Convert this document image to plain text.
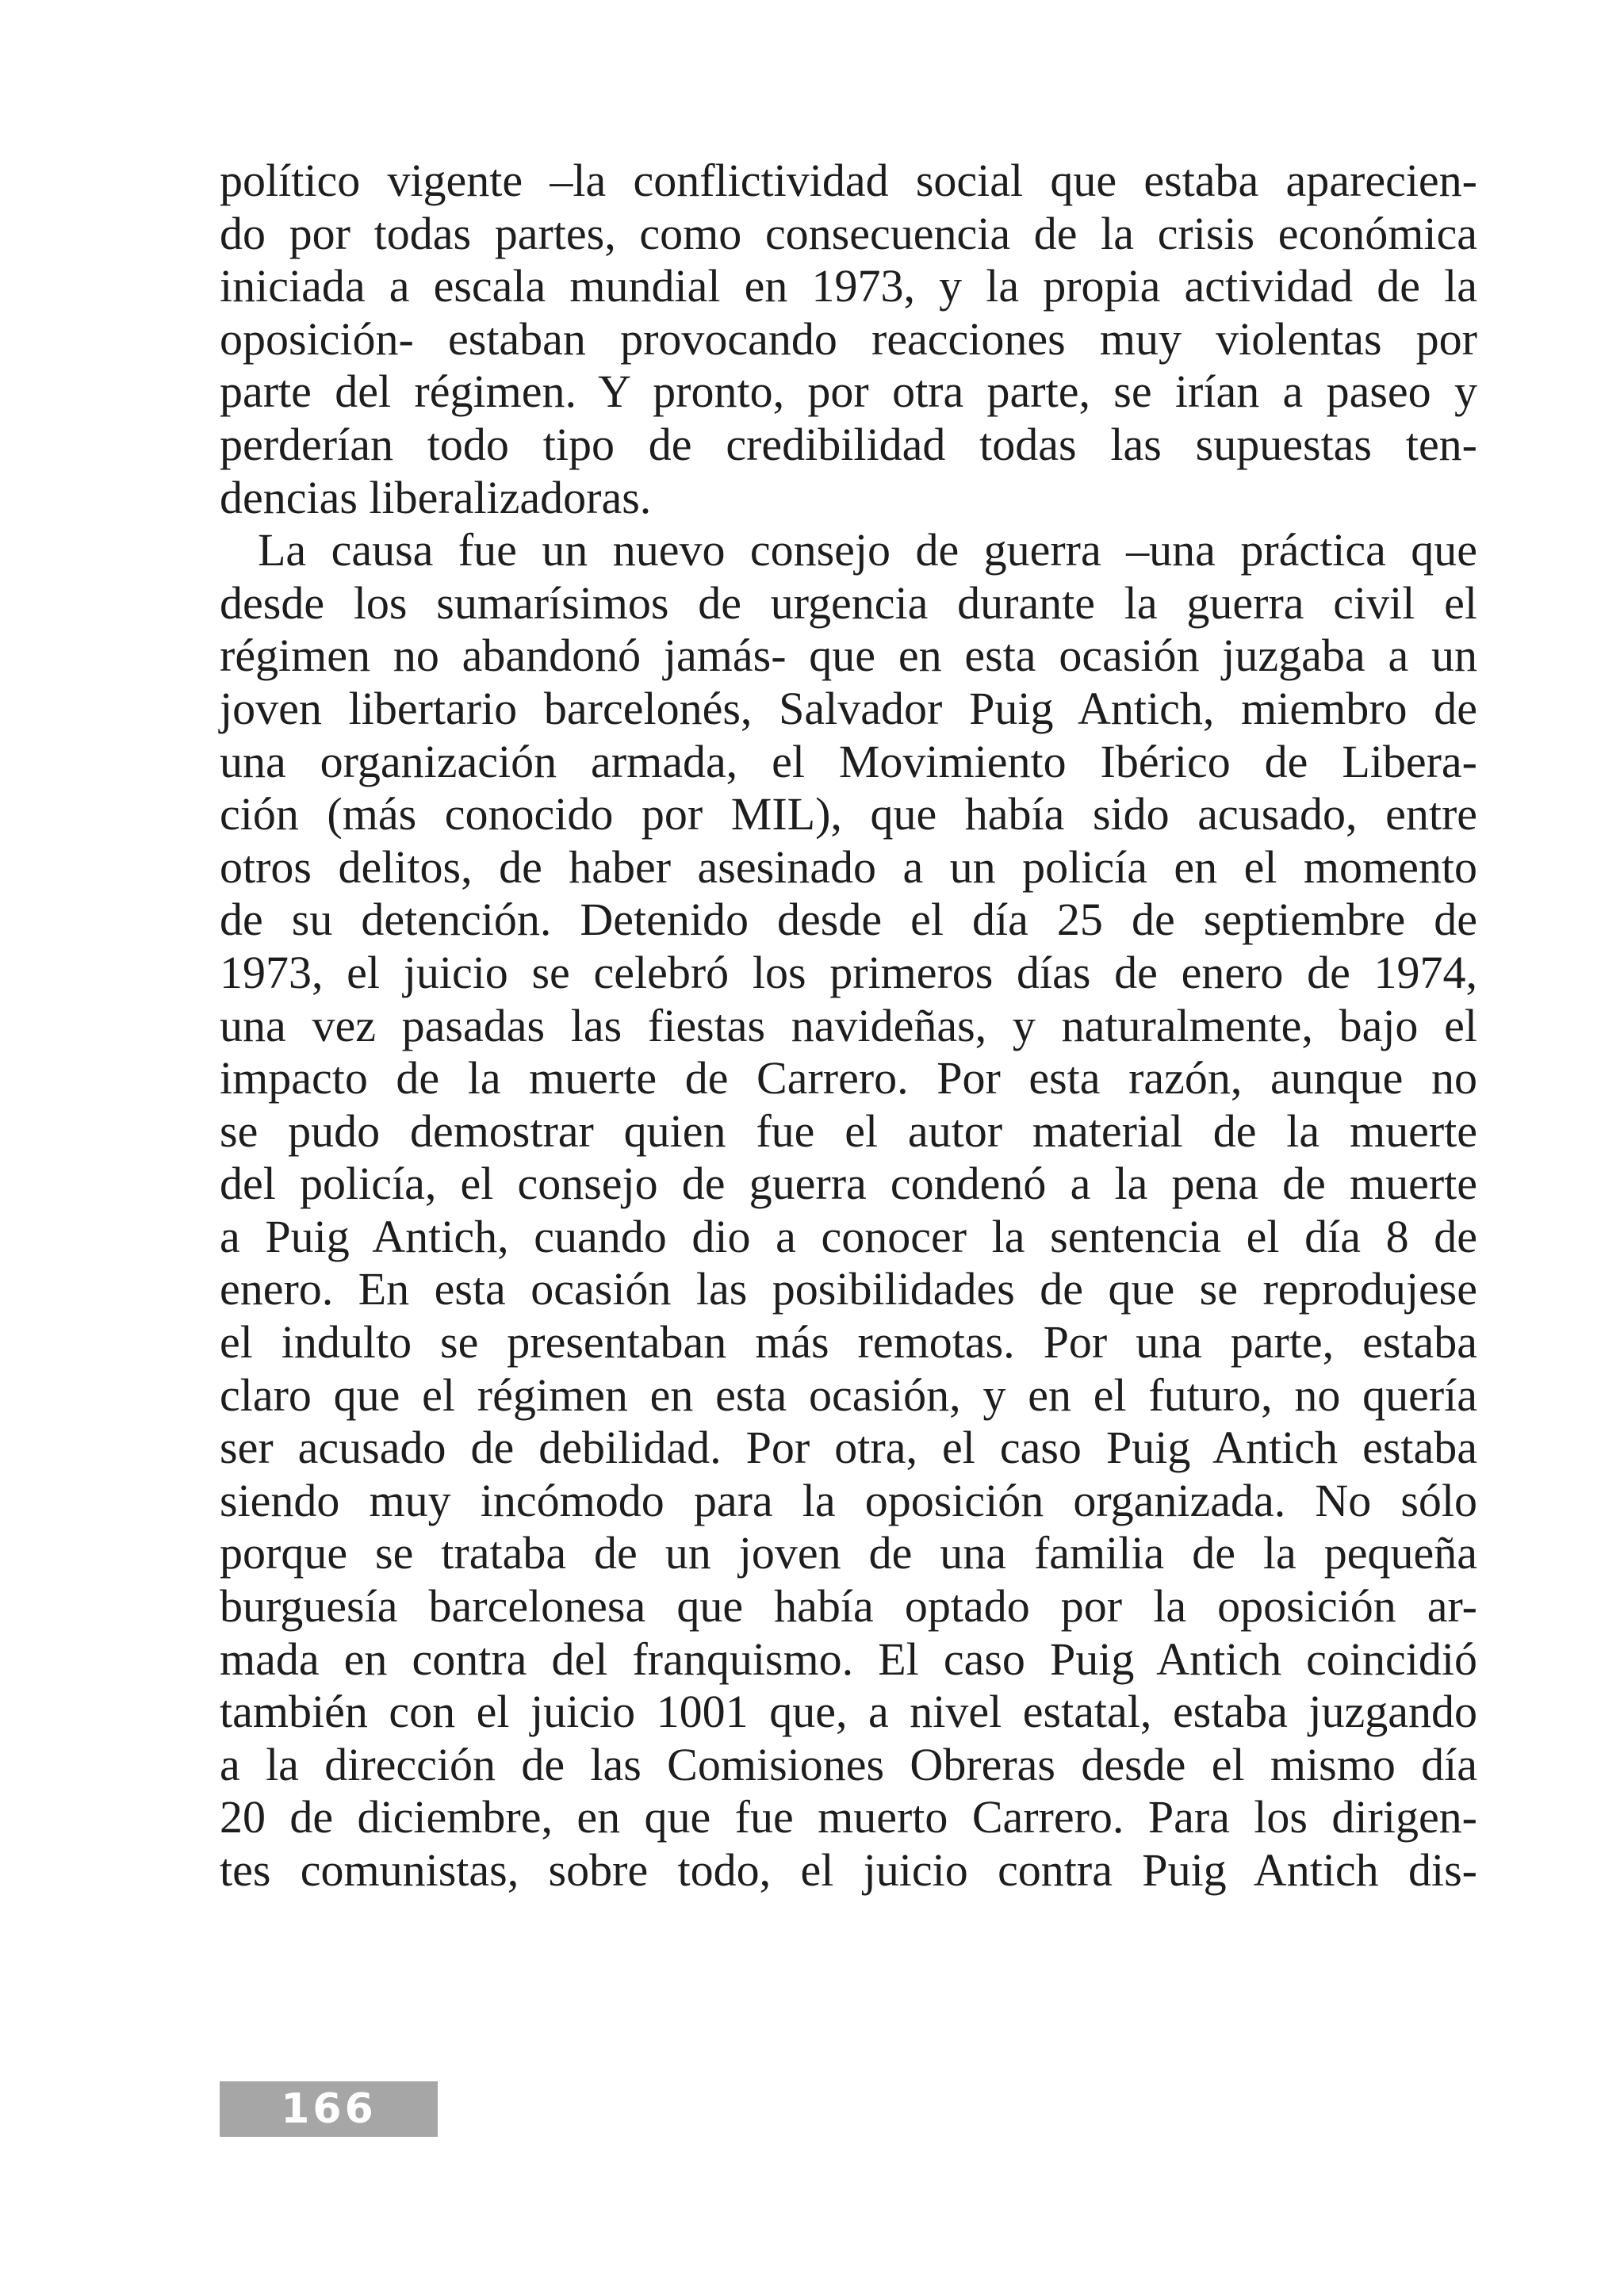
político vigente –la conflictividad social que estaba aparecien-
do por todas partes, como consecuencia de la crisis económica
iniciada a escala mundial en 1973, y la propia actividad de la
oposición- estaban provocando reacciones muy violentas por
parte del régimen. Y pronto, por otra parte, se irían a paseo y
perderían todo tipo de credibilidad todas las supuestas ten-
dencias liberalizadoras.
La causa fue un nuevo consejo de guerra –una práctica que
desde los sumarísimos de urgencia durante la guerra civil el
régimen no abandonó jamás- que en esta ocasión juzgaba a un
joven libertario barcelonés, Salvador Puig Antich, miembro de
una organización armada, el Movimiento Ibérico de Libera-
ción (más conocido por MIL), que había sido acusado, entre
otros delitos, de haber asesinado a un policía en el momento
de su detención. Detenido desde el día 25 de septiembre de
1973, el juicio se celebró los primeros días de enero de 1974,
una vez pasadas las fiestas navideñas, y naturalmente, bajo el
impacto de la muerte de Carrero. Por esta razón, aunque no
se pudo demostrar quien fue el autor material de la muerte
del policía, el consejo de guerra condenó a la pena de muerte
a Puig Antich, cuando dio a conocer la sentencia el día 8 de
enero. En esta ocasión las posibilidades de que se reprodujese
el indulto se presentaban más remotas. Por una parte, estaba
claro que el régimen en esta ocasión, y en el futuro, no quería
ser acusado de debilidad. Por otra, el caso Puig Antich estaba
siendo muy incómodo para la oposición organizada. No sólo
porque se trataba de un joven de una familia de la pequeña
burguesía barcelonesa que había optado por la oposición ar-
mada en contra del franquismo. El caso Puig Antich coincidió
también con el juicio 1001 que, a nivel estatal, estaba juzgando
a la dirección de las Comisiones Obreras desde el mismo día
20 de diciembre, en que fue muerto Carrero. Para los dirigen-
tes comunistas, sobre todo, el juicio contra Puig Antich dis-
166
